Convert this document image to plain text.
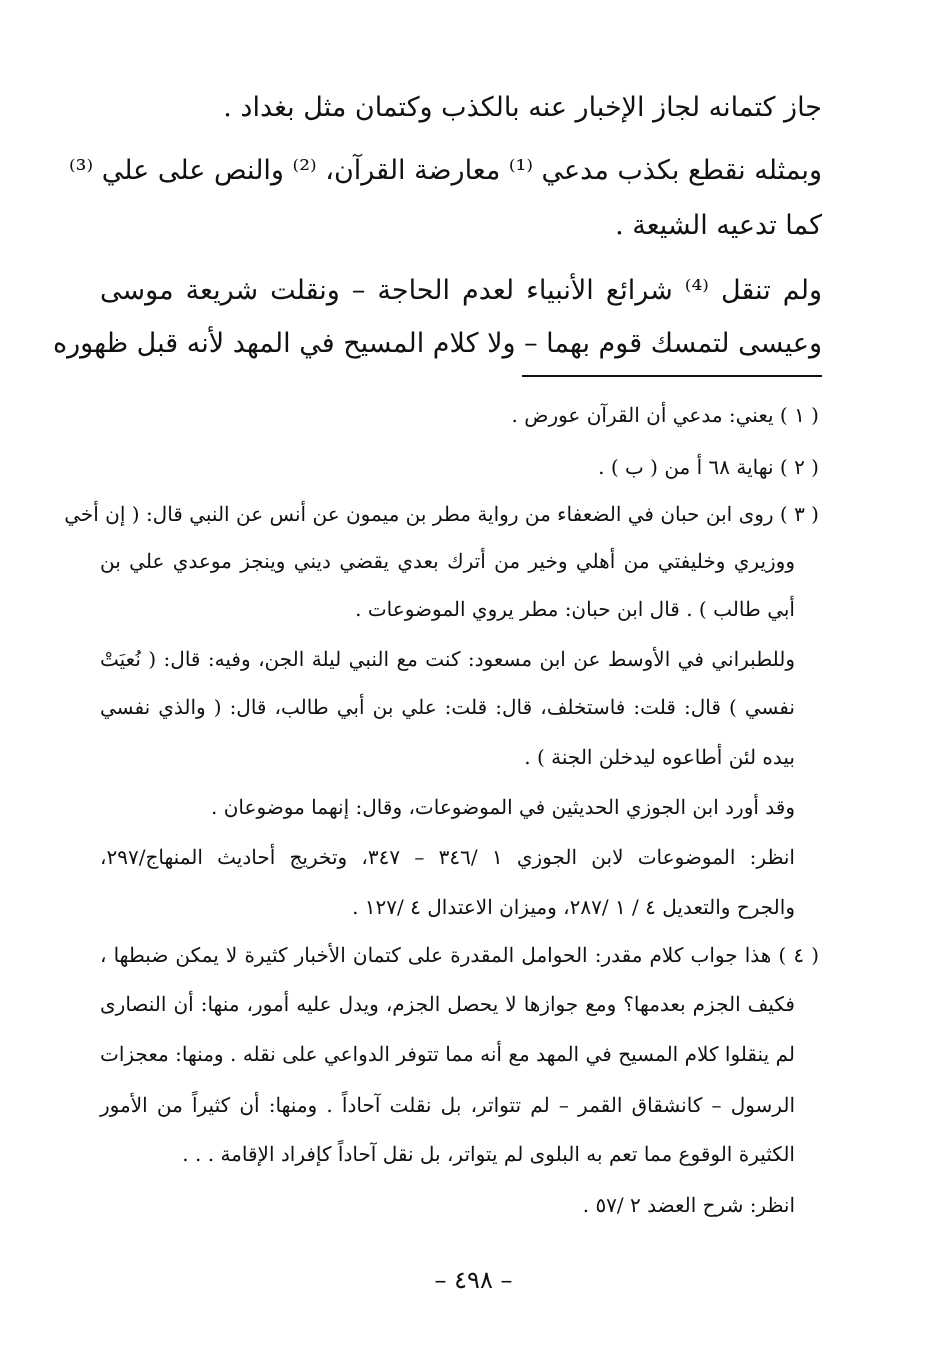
جاز كتمانه لجاز الإخبار عنه بالكذب وكتمان مثل بغداد .
وبمثله نقطع بكذب مدعي ⁽¹⁾ معارضة القرآن، ⁽²⁾ والنص على علي ⁽³⁾
كما تدعيه الشيعة .
ولم تنقل ⁽⁴⁾ شرائع الأنبياء لعدم الحاجة – ونقلت شريعة موسى
وعيسى لتمسك قوم بهما – ولا كلام المسيح في المهد لأنه قبل ظهوره
( ١ ) يعني: مدعي أن القرآن عورض .
( ٢ ) نهاية ٦٨ أ من ( ب ) .
( ٣ ) روى ابن حبان في الضعفاء من رواية مطر بن ميمون عن أنس عن النبي قال: ( إن أخي
ووزيري وخليفتي من أهلي وخير من أترك بعدي يقضي ديني وينجز موعدي علي بن
أبي طالب ) . قال ابن حبان: مطر يروي الموضوعات .
وللطبراني في الأوسط عن ابن مسعود: كنت مع النبي ليلة الجن، وفيه: قال: ( نُعيَتْ
نفسي ) قال: قلت: فاستخلف، قال: قلت: علي بن أبي طالب، قال: ( والذي نفسي
بيده لئن أطاعوه ليدخلن الجنة ) .
وقد أورد ابن الجوزي الحديثين في الموضوعات، وقال: إنهما موضوعان .
انظر: الموضوعات لابن الجوزي ١ /٣٤٦ – ٣٤٧، وتخريج أحاديث المنهاج/٢٩٧،
والجرح والتعديل ٤ / ١ /٢٨٧، وميزان الاعتدال ٤ /١٢٧ .
( ٤ ) هذا جواب كلام مقدر: الحوامل المقدرة على كتمان الأخبار كثيرة لا يمكن ضبطها ،
فكيف الجزم بعدمها؟ ومع جوازها لا يحصل الجزم، ويدل عليه أمور، منها: أن النصارى
لم ينقلوا كلام المسيح في المهد مع أنه مما تتوفر الدواعي على نقله . ومنها: معجزات
الرسول – كانشقاق القمر – لم تتواتر، بل نقلت آحاداً . ومنها: أن كثيراً من الأمور
الكثيرة الوقوع مما تعم به البلوى لم يتواتر، بل نقل آحاداً كإفراد الإقامة . . .
انظر: شرح العضد ٢ /٥٧ .
– ٤٩٨ –
